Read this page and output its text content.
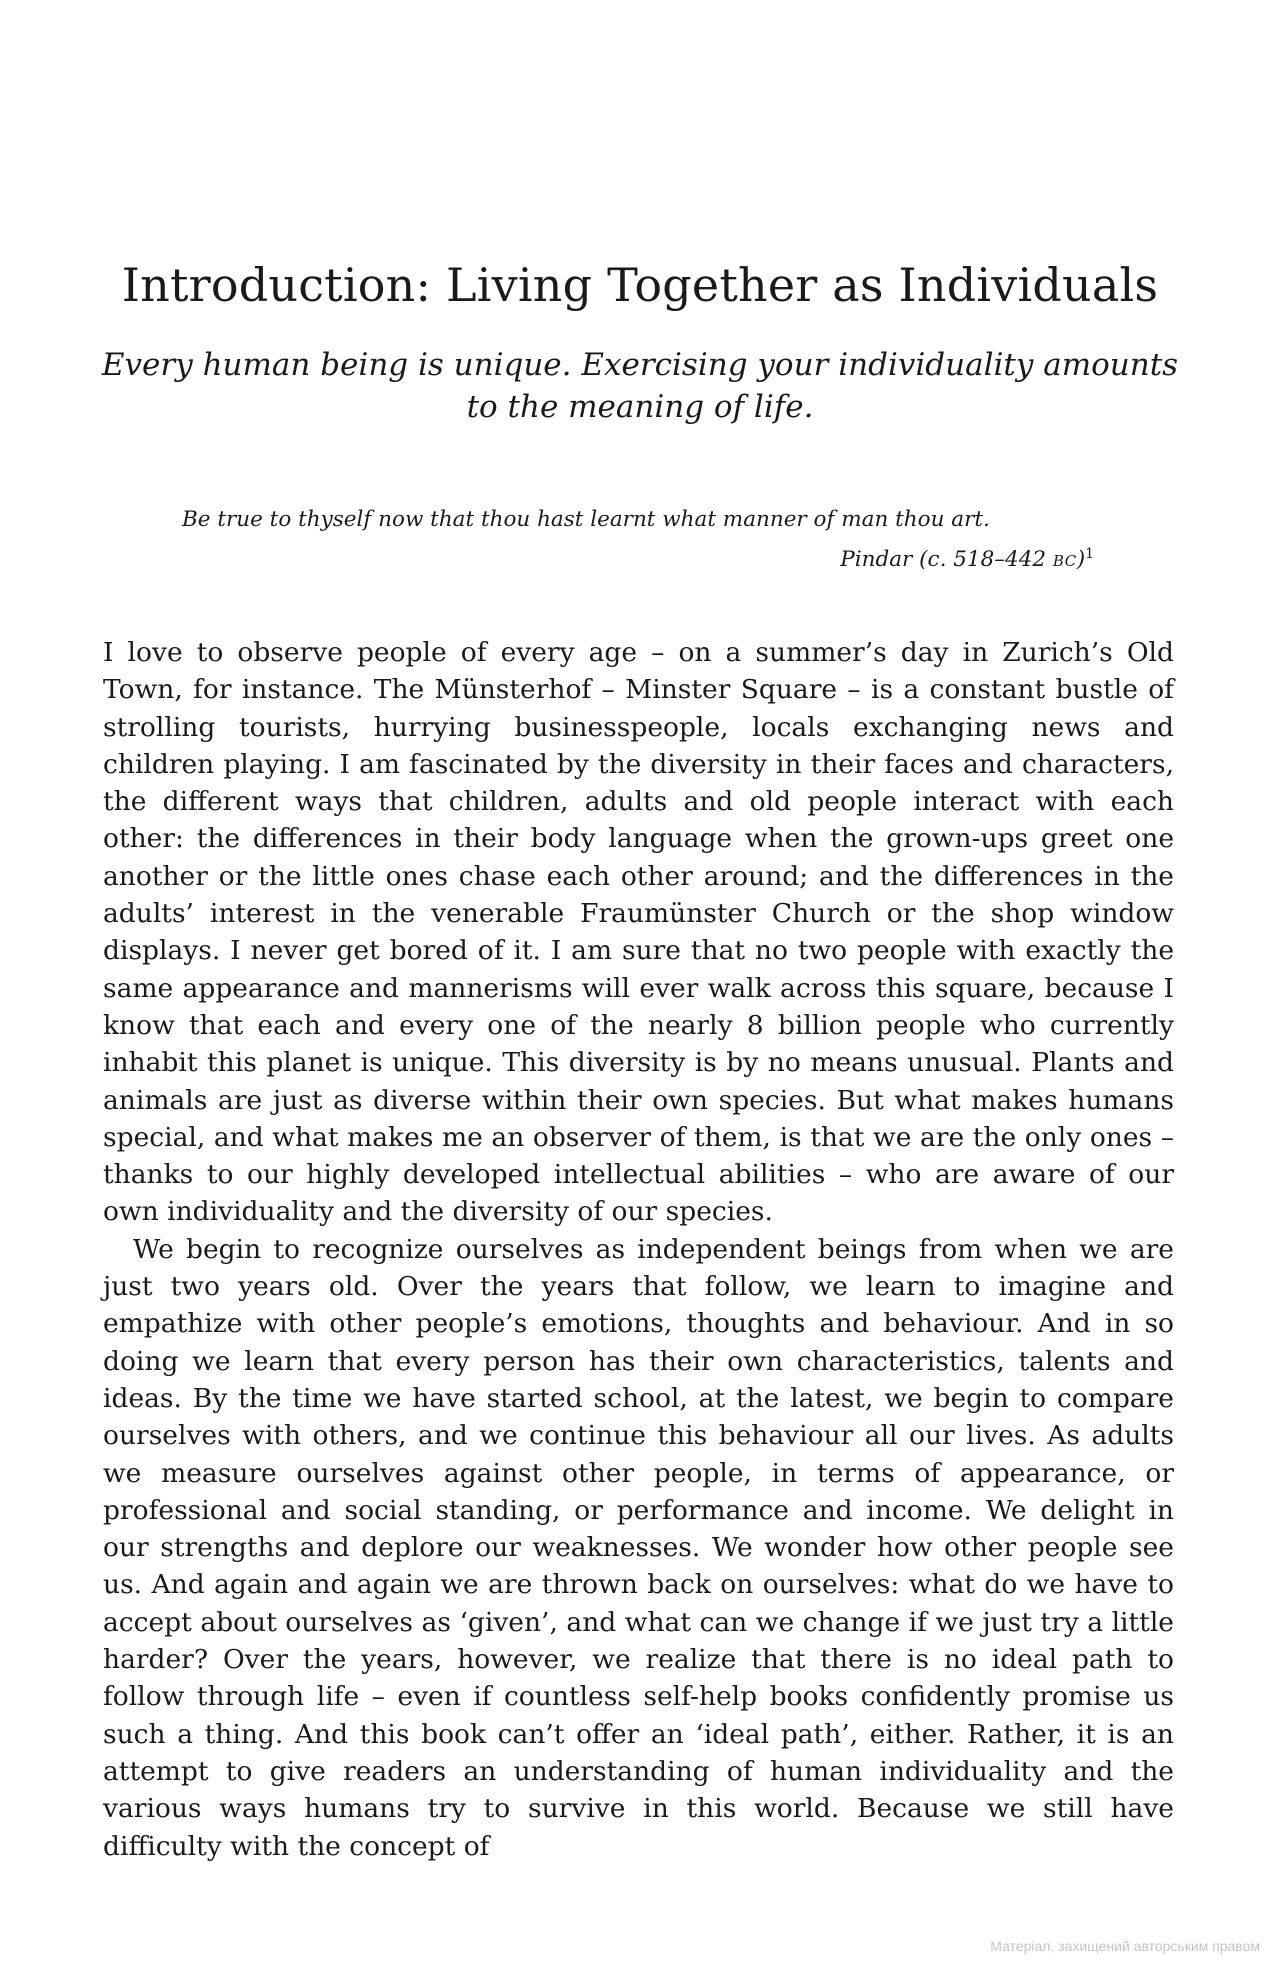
Introduction: Living Together as Individuals

Every human being is unique. Exercising your individuality amounts to the meaning of life.

Be true to thyself now that thou hast learnt what manner of man thou art.
Pindar (c. 518–442 BC)$^1$

I love to observe people of every age – on a summer’s day in Zurich’s Old Town, for instance. The Münsterhof – Minster Square – is a constant bustle of strolling tourists, hurrying businesspeople, locals exchanging news and children playing. I am fascinated by the diversity in their faces and characters, the different ways that children, adults and old people interact with each other: the differences in their body language when the grown-ups greet one another or the little ones chase each other around; and the differences in the adults’ interest in the venerable Fraumünster Church or the shop window displays. I never get bored of it. I am sure that no two people with exactly the same appearance and mannerisms will ever walk across this square, because I know that each and every one of the nearly 8 billion people who currently inhabit this planet is unique. This diversity is by no means unusual. Plants and animals are just as diverse within their own species. But what makes humans special, and what makes me an observer of them, is that we are the only ones – thanks to our highly developed intellectual abilities – who are aware of our own individuality and the diversity of our species.

We begin to recognize ourselves as independent beings from when we are just two years old. Over the years that follow, we learn to imagine and empathize with other people’s emotions, thoughts and behaviour. And in so doing we learn that every person has their own characteristics, talents and ideas. By the time we have started school, at the latest, we begin to compare ourselves with others, and we continue this behaviour all our lives. As adults we measure ourselves against other people, in terms of appearance, or professional and social standing, or performance and income. We delight in our strengths and deplore our weaknesses. We wonder how other people see us. And again and again we are thrown back on ourselves: what do we have to accept about ourselves as ‘given’, and what can we change if we just try a little harder? Over the years, however, we realize that there is no ideal path to follow through life – even if countless self-help books confidently promise us such a thing. And this book can’t offer an ‘ideal path’, either. Rather, it is an attempt to give readers an understanding of human individuality and the various ways humans try to survive in this world. Because we still have difficulty with the concept of

Матеріал, захищений авторським правом
